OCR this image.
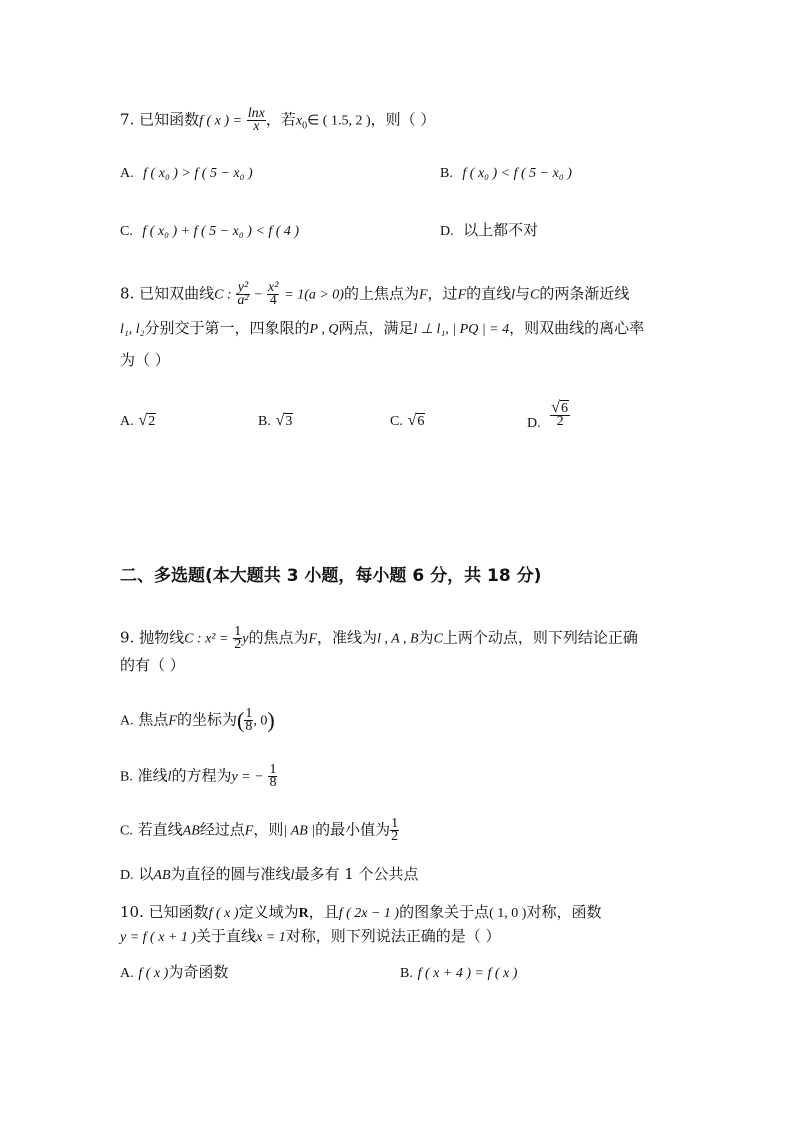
7. 已知函数f ( x ) = $\frac{\ln x}{x}$ ，若$x_0\in$ ( 1.5, 2 )，则（ ）
A. f ( x₀ ) > f ( 5 − x₀ )	B. f ( x₀ ) < f ( 5 − x₀ )
C. f ( x₀ ) + f ( 5 − x₀ ) < f ( 4 )	D. 以上都不对
8. 已知双曲线C : $\frac{\text{y²}}{\text{a²}} - \frac{\text{x²}}{4} = 1(a > 0)$的上焦点为F，过F的直线l与C的两条渐近线
l₁, l₂分别交于第一，四象限的P , Q两点，满足l ⊥ l₁, | PQ | = 4，则双曲线的离心率
为（ ）
A. √2	B. √3	C. √6	D. $\frac{√6}{2}$
二、多选题(本大题共 3 小题，每小题 6 分，共 18 分)
9. 抛物线C : $x^2 = \frac{1}{2}$ y的焦点为F，准线为l , A , B为C上两个动点，则下列结论正确
的有（ ）
A. 焦点F的坐标为( $\frac{1}{8}$ , 0)
B. 准线l的方程为y = − $\frac{1}{8}$
C. 若直线AB经过点F，则| AB |的最小值为 $\frac{1}{2}$
D. 以AB为直径的圆与准线l最多有 1 个公共点
10. 已知函数f ( x )定义域为R，且f ( 2x − 1 )的图象关于点( 1, 0 )对称，函数
y = f ( x + 1 )关于直线x = 1对称，则下列说法正确的是（ ）
A. f ( x )为奇函数	B. f ( x + 4 ) = f ( x )
